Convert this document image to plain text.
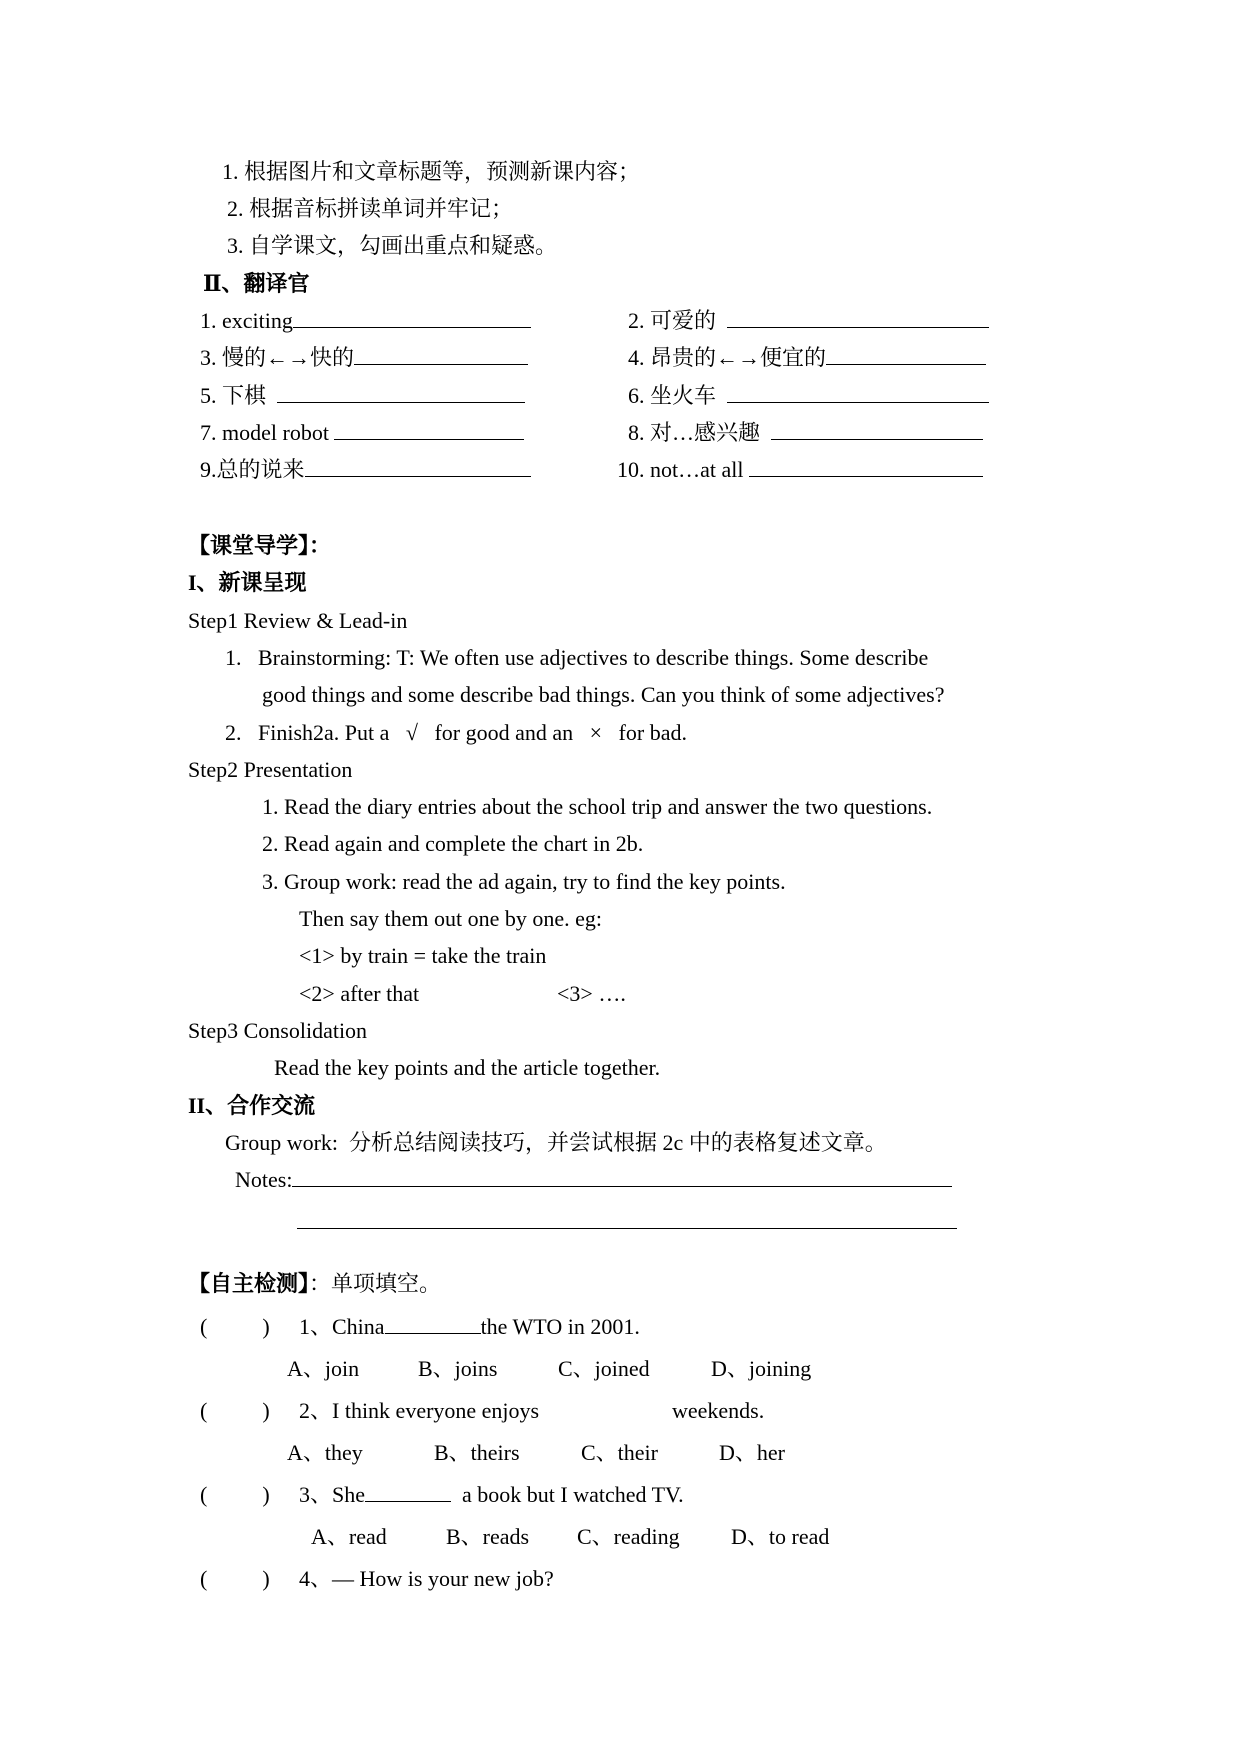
1. 根据图片和文章标题等，预测新课内容；
2. 根据音标拼读单词并牢记；
3. 自学课文，勾画出重点和疑惑。
Ⅱ、翻译官
1. exciting	2. 可爱的
3. 慢的←→快的	4. 昂贵的←→便宜的
5. 下棋	6. 坐火车
7. model robot	8. 对…感兴趣
9.总的说来	10. not…at all
【课堂导学】：
I、新课呈现
Step1 Review & Lead-in
1.   Brainstorming: T: We often use adjectives to describe things. Some describe
good things and some describe bad things. Can you think of some adjectives?
2.   Finish2a. Put a   √   for good and an   ×   for bad.
Step2 Presentation
1. Read the diary entries about the school trip and answer the two questions.
2. Read again and complete the chart in 2b.
3. Group work: read the ad again, try to find the key points.
Then say them out one by one. eg:
<1> by train = take the train
<2> after that	<3> ….
Step3 Consolidation
Read the key points and the article together.
II、合作交流
Group work:  分析总结阅读技巧，并尝试根据 2c 中的表格复述文章。
Notes:
【自主检测】：单项填空。
(          ) 1、China	the WTO in 2001.
A、join	B、joins	C、joined	D、joining
(          ) 2、I think everyone enjoys	weekends.
A、they	B、theirs	C、their	D、her
(          ) 3、She	a book but I watched TV.
A、read	B、reads C、reading D、to read
(          ) 4、— How is your new job?
